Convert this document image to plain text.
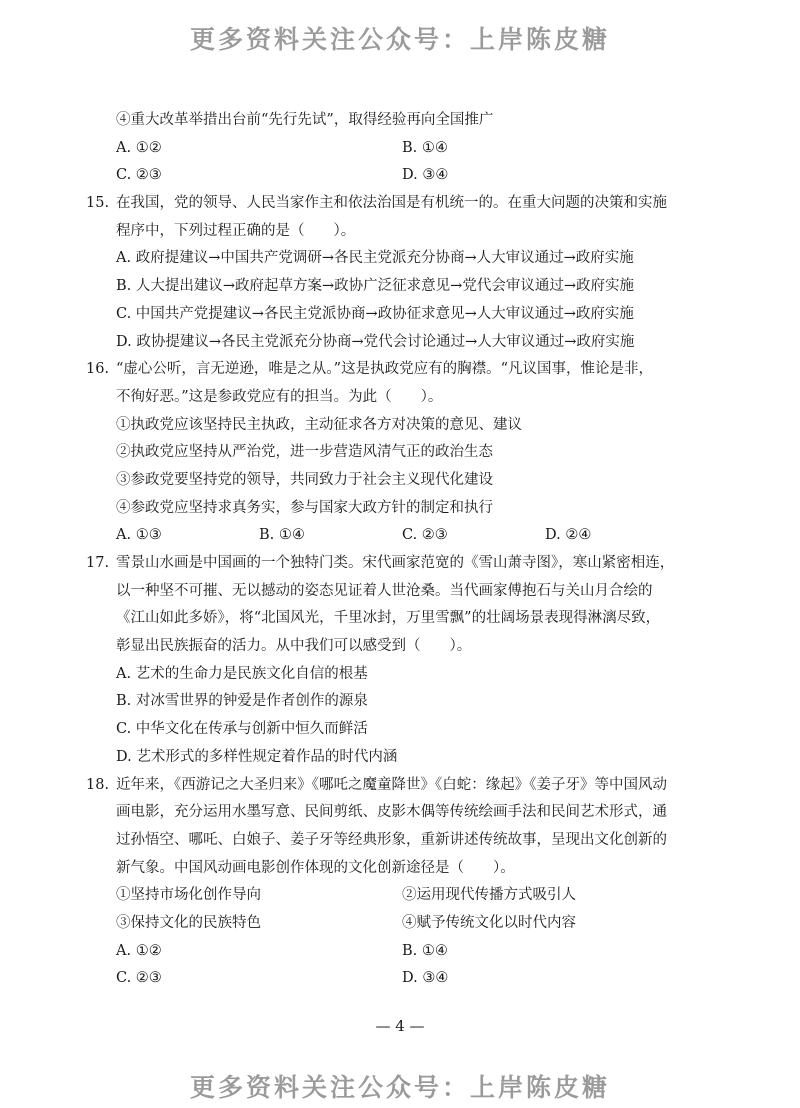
更多资料关注公众号：上岸陈皮糖
④重大改革举措出台前“先行先试”，取得经验再向全国推广
A. ①②	B. ①④
C. ②③	D. ③④
15. 在我国，党的领导、人民当家作主和依法治国是有机统一的。在重大问题的决策和实施
程序中，下列过程正确的是（　　）。
A. 政府提建议→中国共产党调研→各民主党派充分协商→人大审议通过→政府实施
B. 人大提出建议→政府起草方案→政协广泛征求意见→党代会审议通过→政府实施
C. 中国共产党提建议→各民主党派协商→政协征求意见→人大审议通过→政府实施
D. 政协提建议→各民主党派充分协商→党代会讨论通过→人大审议通过→政府实施
16. “虚心公听，言无逆逊，唯是之从。”这是执政党应有的胸襟。“凡议国事，惟论是非，
不徇好恶。”这是参政党应有的担当。为此（　　）。
①执政党应该坚持民主执政，主动征求各方对决策的意见、建议
②执政党应坚持从严治党，进一步营造风清气正的政治生态
③参政党要坚持党的领导，共同致力于社会主义现代化建设
④参政党应坚持求真务实，参与国家大政方针的制定和执行
A. ①③	B. ①④	C. ②③	D. ②④
17. 雪景山水画是中国画的一个独特门类。宋代画家范宽的《雪山萧寺图》，寒山紧密相连，
以一种坚不可摧、无以撼动的姿态见证着人世沧桑。当代画家傅抱石与关山月合绘的
《江山如此多娇》，将“北国风光，千里冰封，万里雪飘”的壮阔场景表现得淋漓尽致，
彰显出民族振奋的活力。从中我们可以感受到（　　）。
A. 艺术的生命力是民族文化自信的根基
B. 对冰雪世界的钟爱是作者创作的源泉
C. 中华文化在传承与创新中恒久而鲜活
D. 艺术形式的多样性规定着作品的时代内涵
18. 近年来，《西游记之大圣归来》《哪吒之魔童降世》《白蛇：缘起》《姜子牙》等中国风动
画电影，充分运用水墨写意、民间剪纸、皮影木偶等传统绘画手法和民间艺术形式，通
过孙悟空、哪吒、白娘子、姜子牙等经典形象，重新讲述传统故事，呈现出文化创新的
新气象。中国风动画电影创作体现的文化创新途径是（　　）。
①坚持市场化创作导向	②运用现代传播方式吸引人
③保持文化的民族特色	④赋予传统文化以时代内容
A. ①②	B. ①④
C. ②③	D. ③④
— 4 —
更多资料关注公众号：上岸陈皮糖
